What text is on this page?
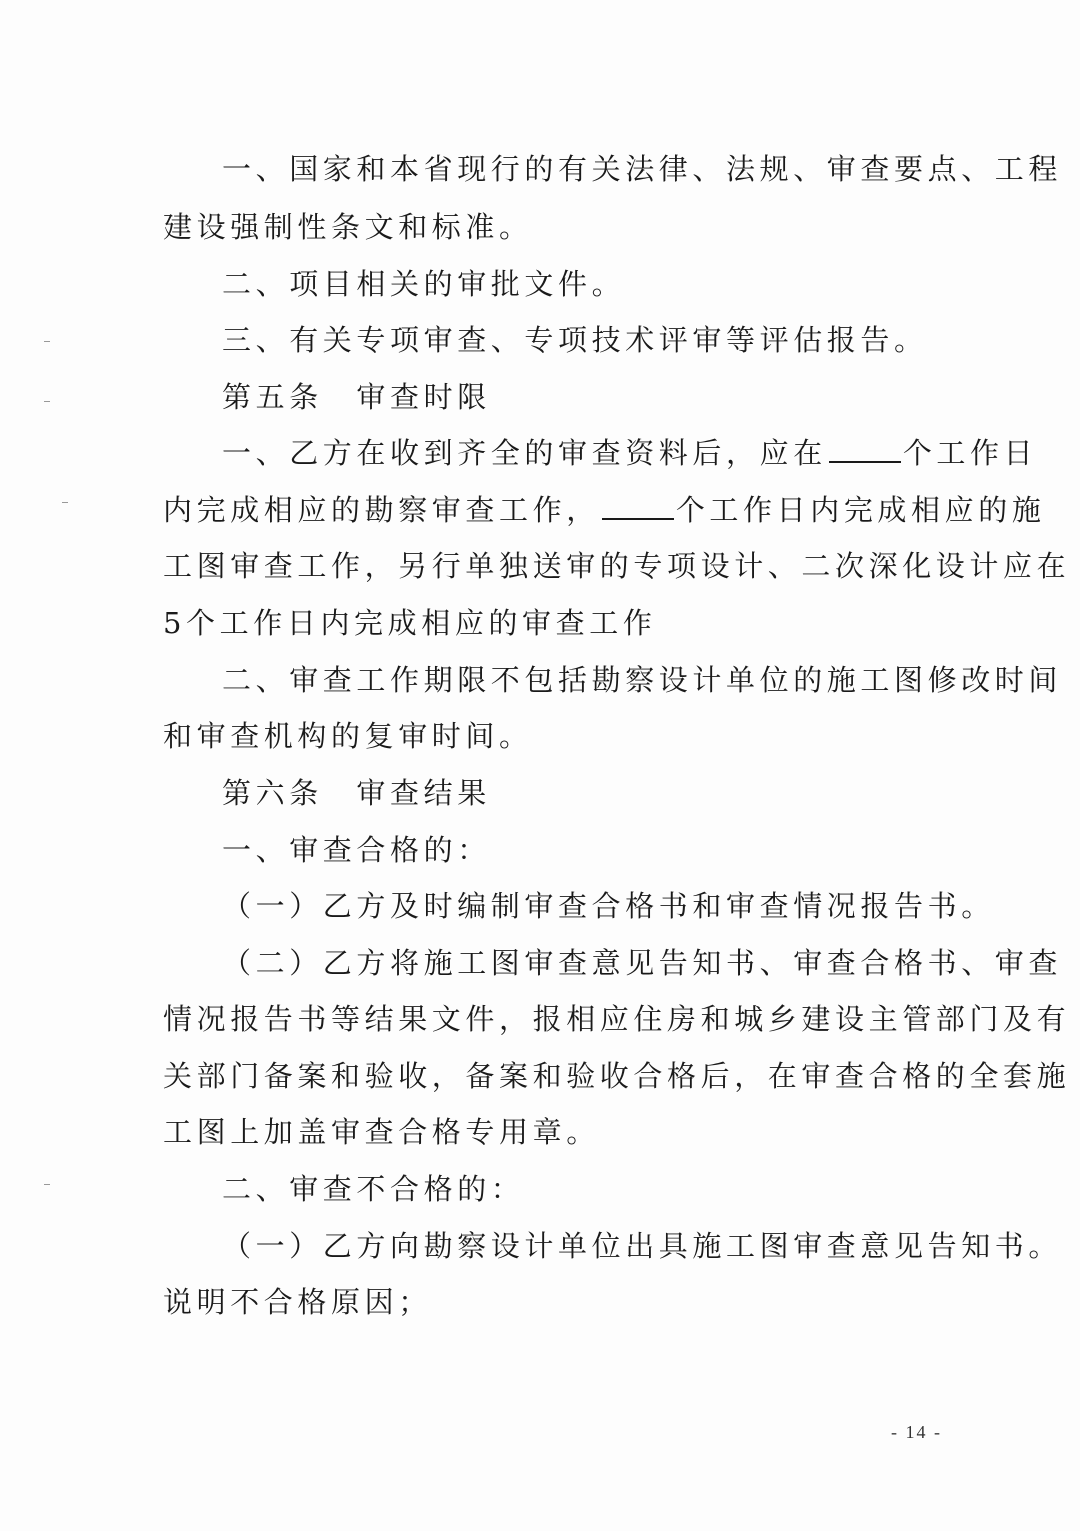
一、国家和本省现行的有关法律、法规、审查要点、工程
建设强制性条文和标准。
二、项目相关的审批文件。
三、有关专项审查、专项技术评审等评估报告。
第五条　审查时限
一、乙方在收到齐全的审查资料后，应在	个工作日
内完成相应的勘察审查工作，	个工作日内完成相应的施
工图审查工作，另行单独送审的专项设计、二次深化设计应在
5个工作日内完成相应的审查工作
二、审查工作期限不包括勘察设计单位的施工图修改时间
和审查机构的复审时间。
第六条　审查结果
一、审查合格的：
（一）乙方及时编制审查合格书和审查情况报告书。
（二）乙方将施工图审查意见告知书、审查合格书、审查
情况报告书等结果文件，报相应住房和城乡建设主管部门及有
关部门备案和验收，备案和验收合格后，在审查合格的全套施
工图上加盖审查合格专用章。
二、审查不合格的：
（一）乙方向勘察设计单位出具施工图审查意见告知书。
说明不合格原因；
- 14 -
